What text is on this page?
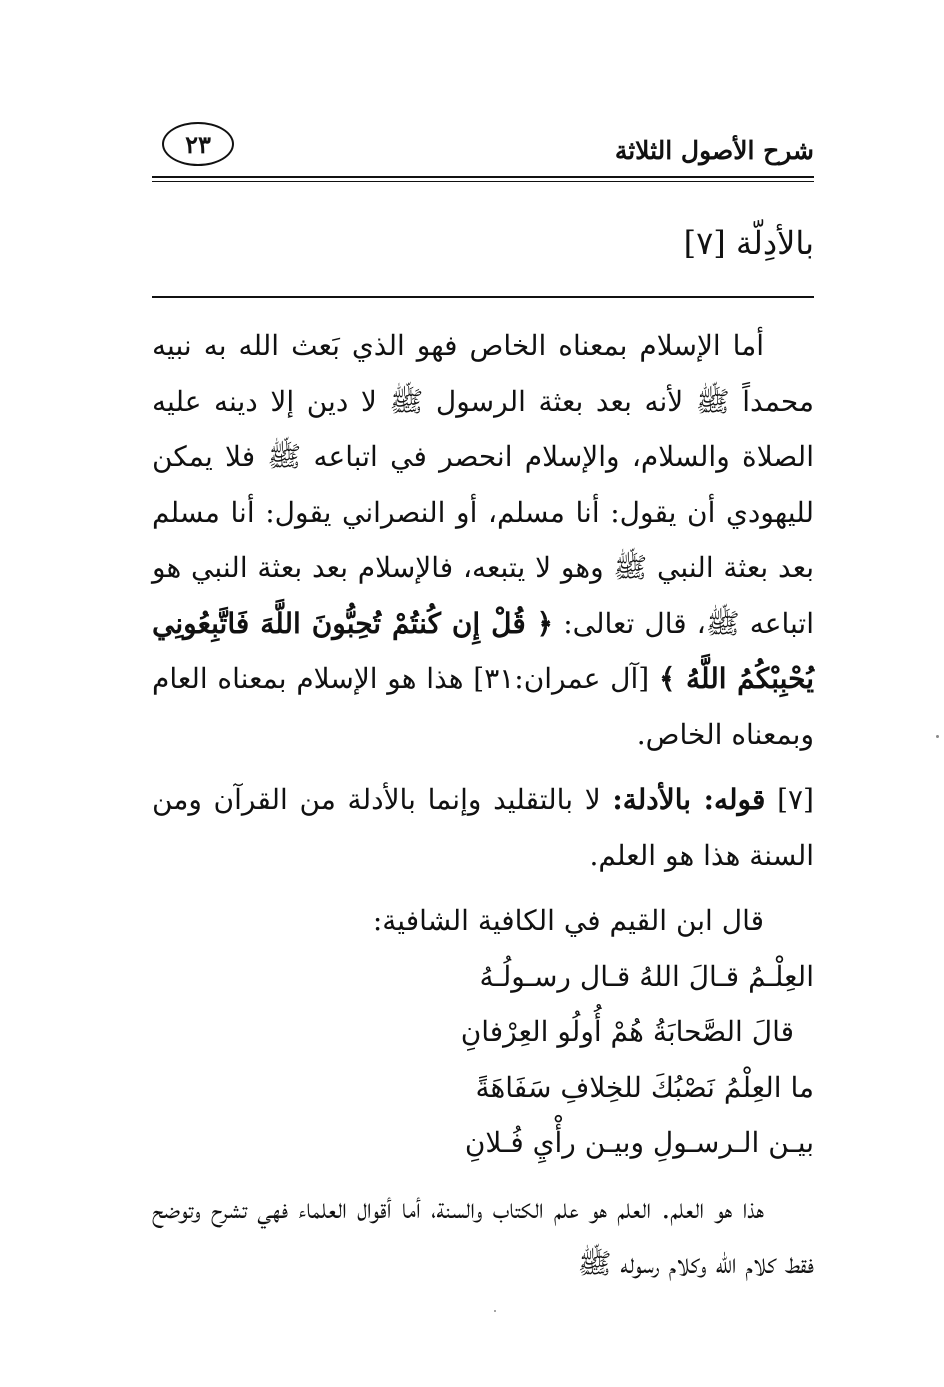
شرح الأصول الثلاثة
٢٣
بالأدِلّة [٧]

أما الإسلام بمعناه الخاص فهو الذي بَعث الله به نبيه محمداً ﷺ لأنه بعد بعثة الرسول ﷺ لا دين إلا دينه عليه الصلاة والسلام، والإسلام انحصر في اتباعه ﷺ فلا يمكن لليهودي أن يقول: أنا مسلم، أو النصراني يقول: أنا مسلم بعد بعثة النبي ﷺ وهو لا يتبعه، فالإسلام بعد بعثة النبي هو اتباعه ﷺ، قال تعالى: ﴿ قُلْ إِن كُنتُمْ تُحِبُّونَ اللَّهَ فَاتَّبِعُونِي يُحْبِبْكُمُ اللَّهُ ﴾ [آل عمران:٣١] هذا هو الإسلام بمعناه العام وبمعناه الخاص.

[٧] قوله: بالأدلة: لا بالتقليد وإنما بالأدلة من القرآن ومن السنة هذا هو العلم.

قال ابن القيم في الكافية الشافية:

العِلْـمُ قـالَ اللهُ قـال رسـولُـهُ

قالَ الصَّحابَةُ هُمْ أُولُو العِرْفانِ

ما العِلْمُ نَصْبُكَ للخِلافِ سَفَاهَةً

بيـن الـرسـولِ وبيـن رأْيِ فُـلانِ

هذا هو العلم. العلم هو علم الكتاب والسنة، أما أقوال العلماء فهي تشرح وتوضح فقط كلام الله وكلام رسوله ﷺ
